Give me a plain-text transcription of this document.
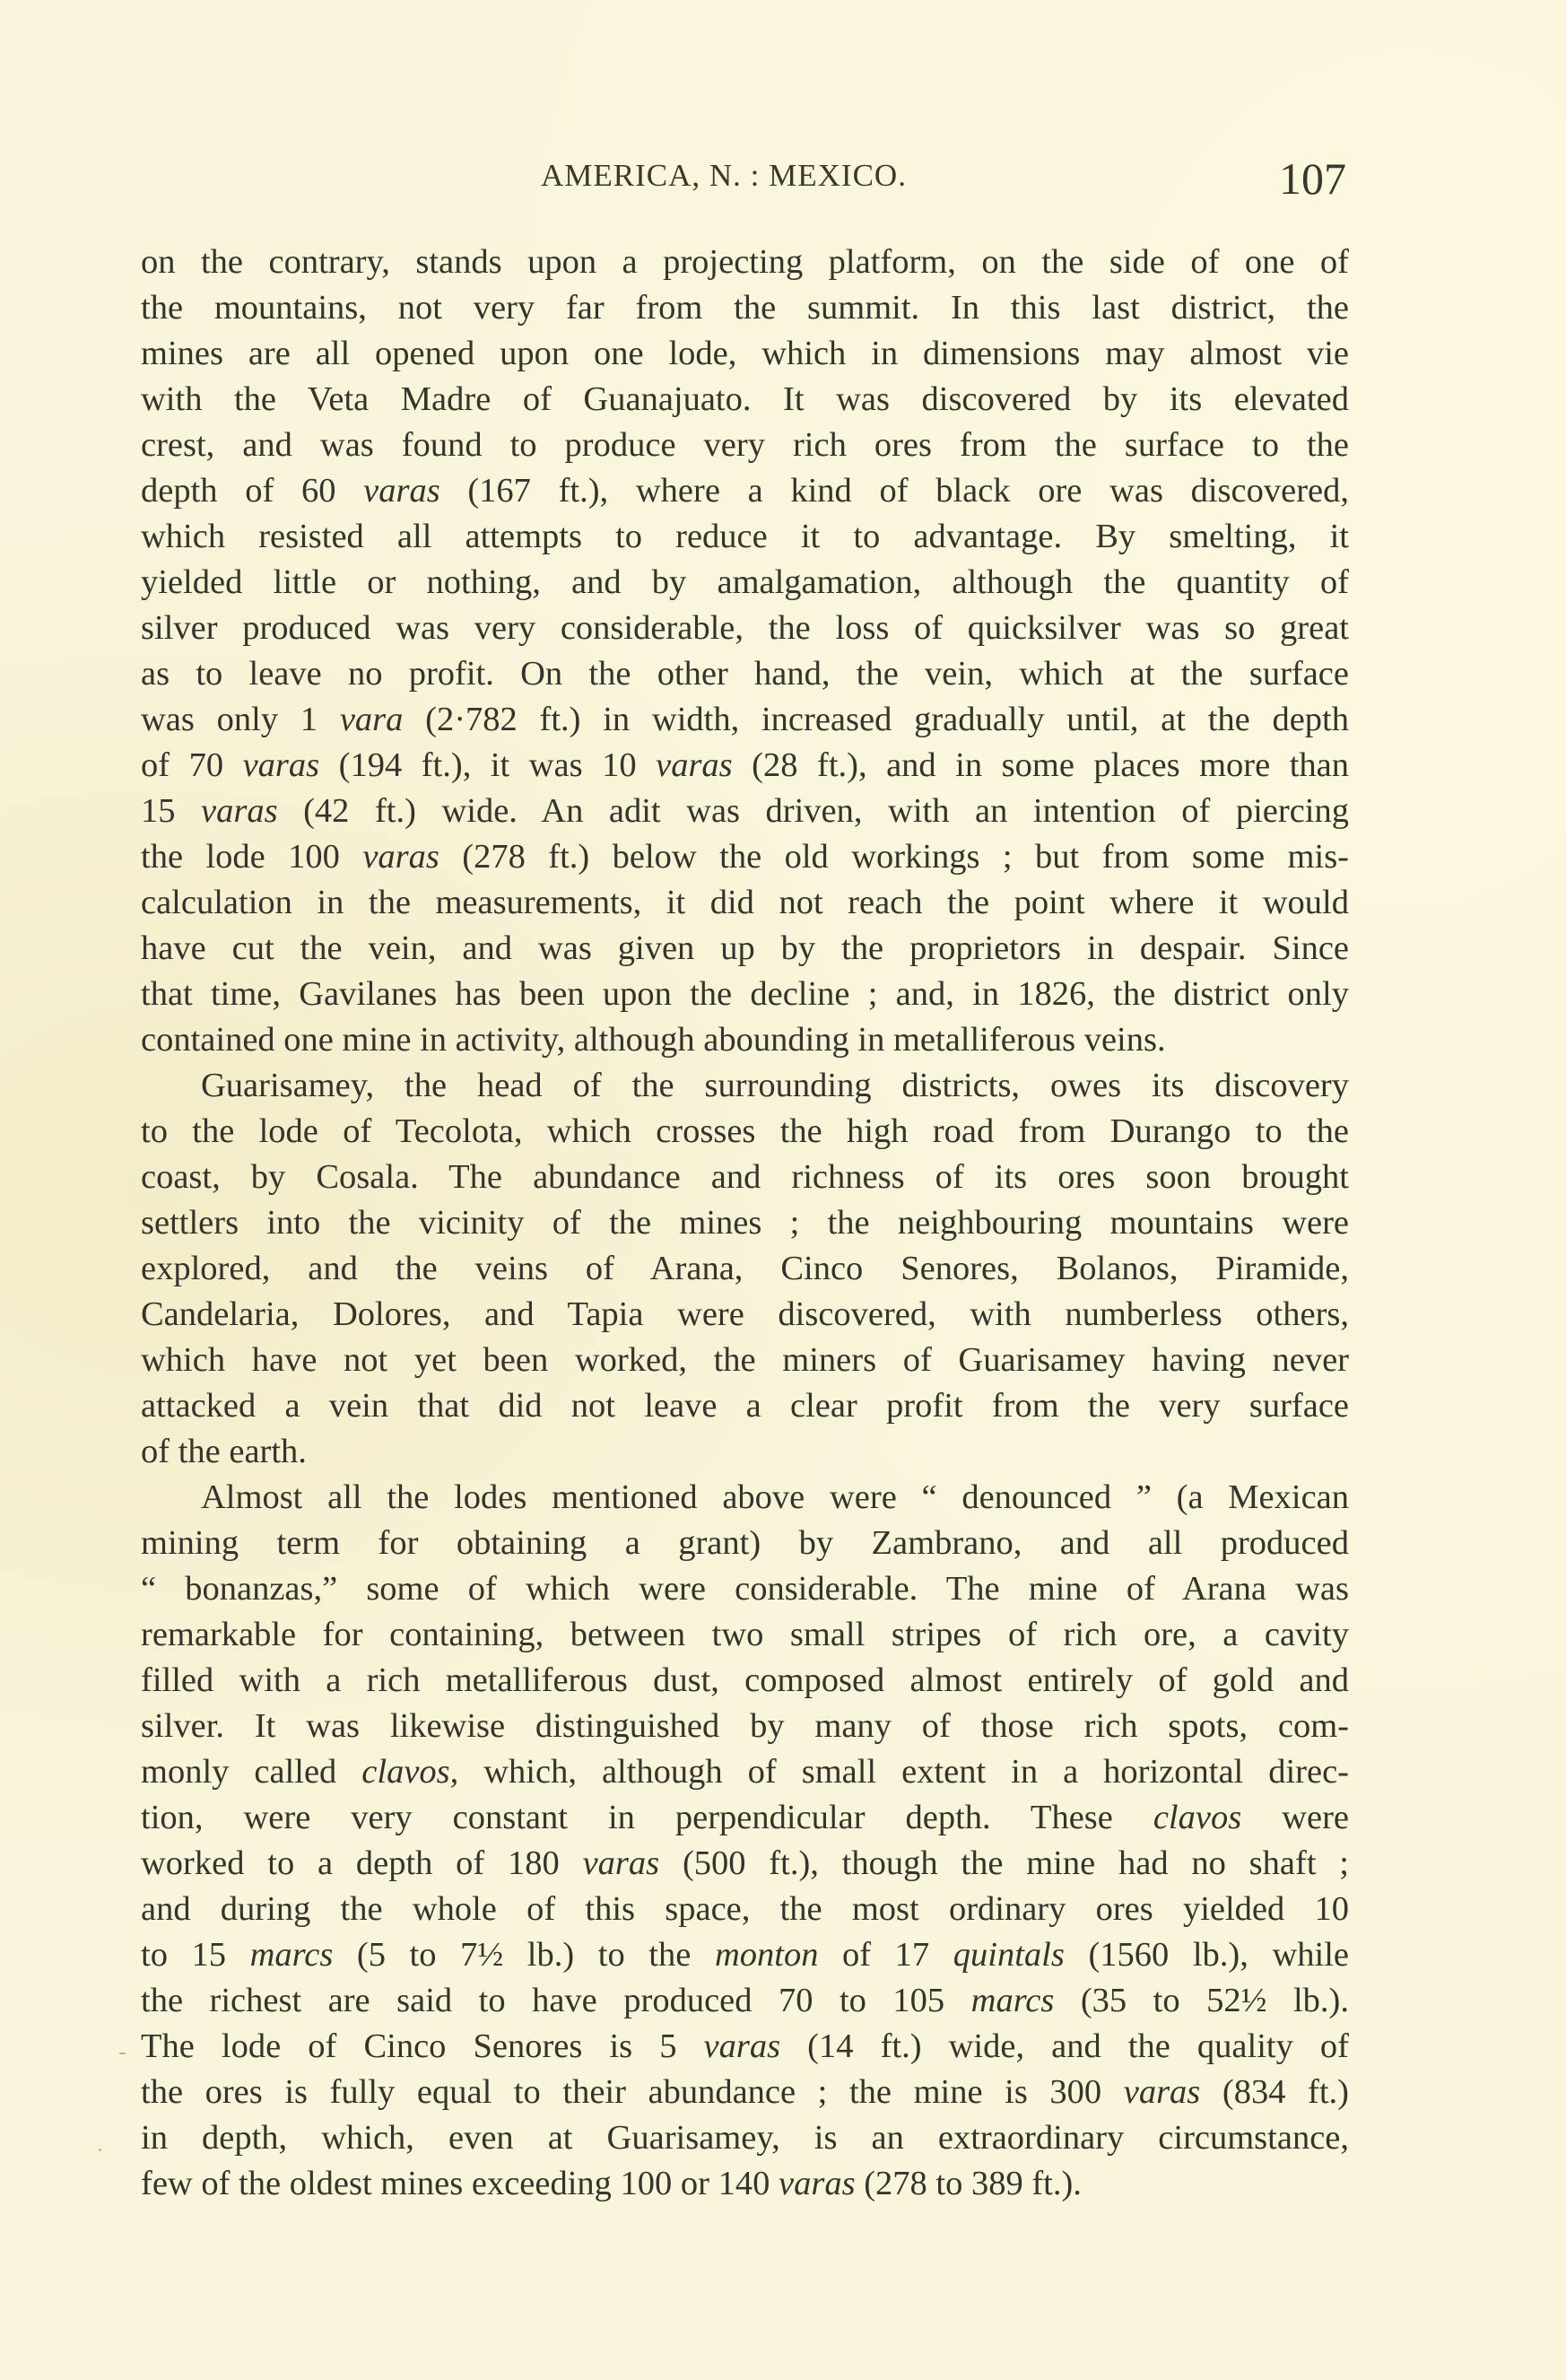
AMERICA, N. : MEXICO.	107
on the contrary, stands upon a projecting platform, on the side of one of
the mountains, not very far from the summit. In this last district, the
mines are all opened upon one lode, which in dimensions may almost vie
with the Veta Madre of Guanajuato. It was discovered by its elevated
crest, and was found to produce very rich ores from the surface to the
depth of 60 varas (167 ft.), where a kind of black ore was discovered,
which resisted all attempts to reduce it to advantage. By smelting, it
yielded little or nothing, and by amalgamation, although the quantity of
silver produced was very considerable, the loss of quicksilver was so great
as to leave no profit. On the other hand, the vein, which at the surface
was only 1 vara (2·782 ft.) in width, increased gradually until, at the depth
of 70 varas (194 ft.), it was 10 varas (28 ft.), and in some places more than
15 varas (42 ft.) wide. An adit was driven, with an intention of piercing
the lode 100 varas (278 ft.) below the old workings ; but from some mis-
calculation in the measurements, it did not reach the point where it would
have cut the vein, and was given up by the proprietors in despair. Since
that time, Gavilanes has been upon the decline ; and, in 1826, the district only
contained one mine in activity, although abounding in metalliferous veins.
Guarisamey, the head of the surrounding districts, owes its discovery
to the lode of Tecolota, which crosses the high road from Durango to the
coast, by Cosala. The abundance and richness of its ores soon brought
settlers into the vicinity of the mines ; the neighbouring mountains were
explored, and the veins of Arana, Cinco Senores, Bolanos, Piramide,
Candelaria, Dolores, and Tapia were discovered, with numberless others,
which have not yet been worked, the miners of Guarisamey having never
attacked a vein that did not leave a clear profit from the very surface
of the earth.
Almost all the lodes mentioned above were “ denounced ” (a Mexican
mining term for obtaining a grant) by Zambrano, and all produced
“ bonanzas,” some of which were considerable. The mine of Arana was
remarkable for containing, between two small stripes of rich ore, a cavity
filled with a rich metalliferous dust, composed almost entirely of gold and
silver. It was likewise distinguished by many of those rich spots, com-
monly called clavos, which, although of small extent in a horizontal direc-
tion, were very constant in perpendicular depth. These clavos were
worked to a depth of 180 varas (500 ft.), though the mine had no shaft ;
and during the whole of this space, the most ordinary ores yielded 10
to 15 marcs (5 to 7½ lb.) to the monton of 17 quintals (1560 lb.), while
the richest are said to have produced 70 to 105 marcs (35 to 52½ lb.).
The lode of Cinco Senores is 5 varas (14 ft.) wide, and the quality of
the ores is fully equal to their abundance ; the mine is 300 varas (834 ft.)
in depth, which, even at Guarisamey, is an extraordinary circumstance,
few of the oldest mines exceeding 100 or 140 varas (278 to 389 ft.).
